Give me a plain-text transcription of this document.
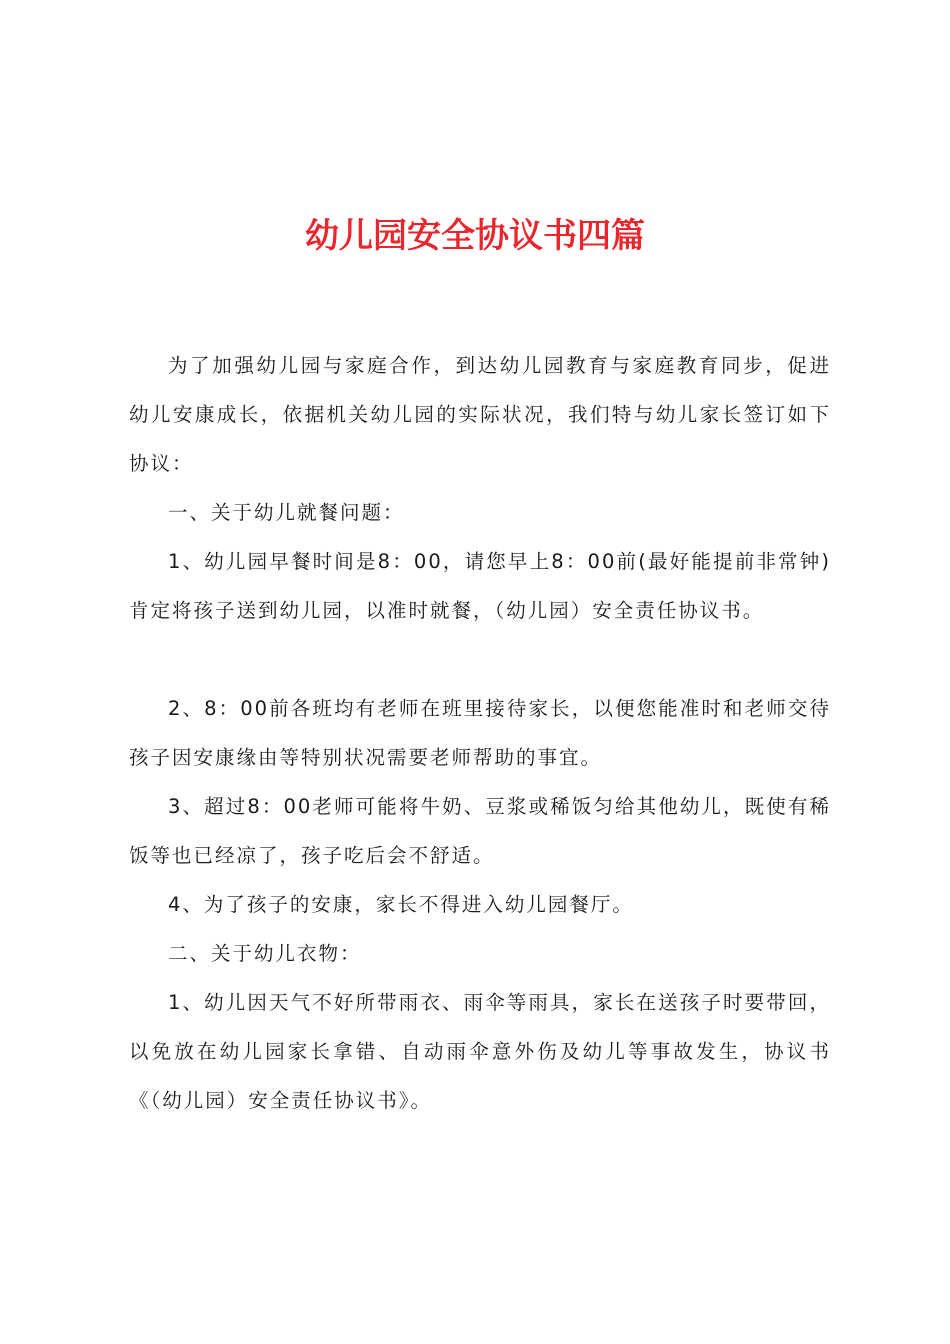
幼儿园安全协议书四篇

为了加强幼儿园与家庭合作，到达幼儿园教育与家庭教育同步，促进幼儿安康成长，依据机关幼儿园的实际状况，我们特与幼儿家长签订如下协议：

一、关于幼儿就餐问题：

1、幼儿园早餐时间是8：00，请您早上8：00前(最好能提前非常钟)肯定将孩子送到幼儿园，以准时就餐，（幼儿园）安全责任协议书。

2、8：00前各班均有老师在班里接待家长，以便您能准时和老师交待孩子因安康缘由等特别状况需要老师帮助的事宜。

3、超过8：00老师可能将牛奶、豆浆或稀饭匀给其他幼儿，既使有稀饭等也已经凉了，孩子吃后会不舒适。

4、为了孩子的安康，家长不得进入幼儿园餐厅。

二、关于幼儿衣物：

1、幼儿因天气不好所带雨衣、雨伞等雨具，家长在送孩子时要带回，以免放在幼儿园家长拿错、自动雨伞意外伤及幼儿等事故发生，协议书《（幼儿园）安全责任协议书》。
